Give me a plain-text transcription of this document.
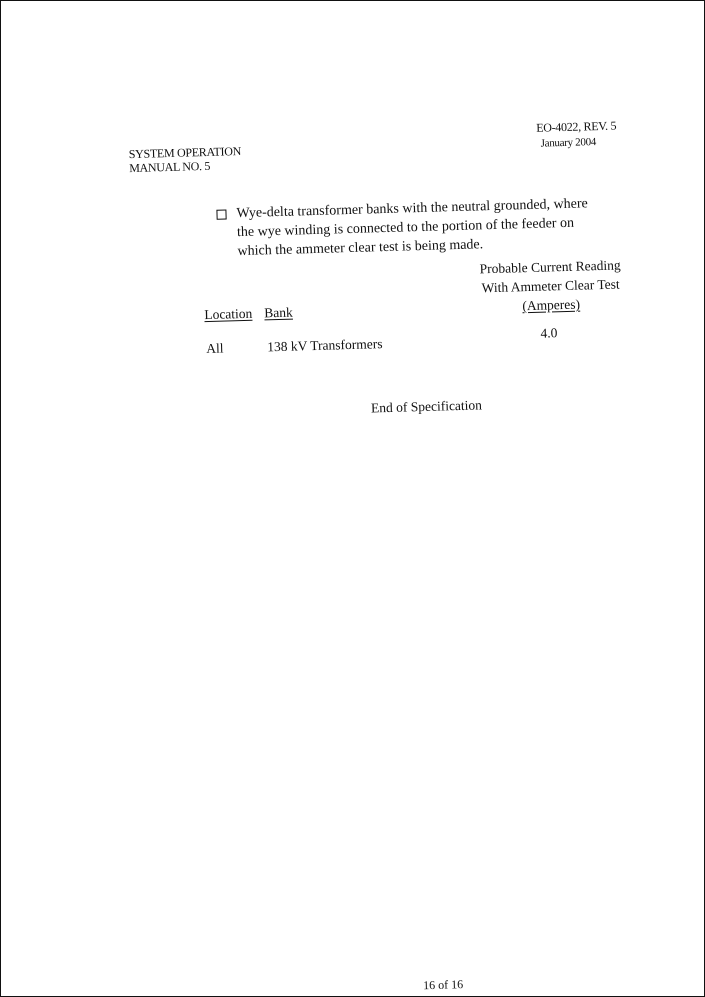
SYSTEM OPERATION
MANUAL NO. 5
EO-4022, REV. 5
January 2004
Wye-delta transformer banks with the neutral grounded, where the wye winding is connected to the portion of the feeder on which the ammeter clear test is being made.
Probable Current Reading
With Ammeter Clear Test
(Amperes)
Location Bank
All	138 kV Transformers
4.0
End of Specification
16 of 16
